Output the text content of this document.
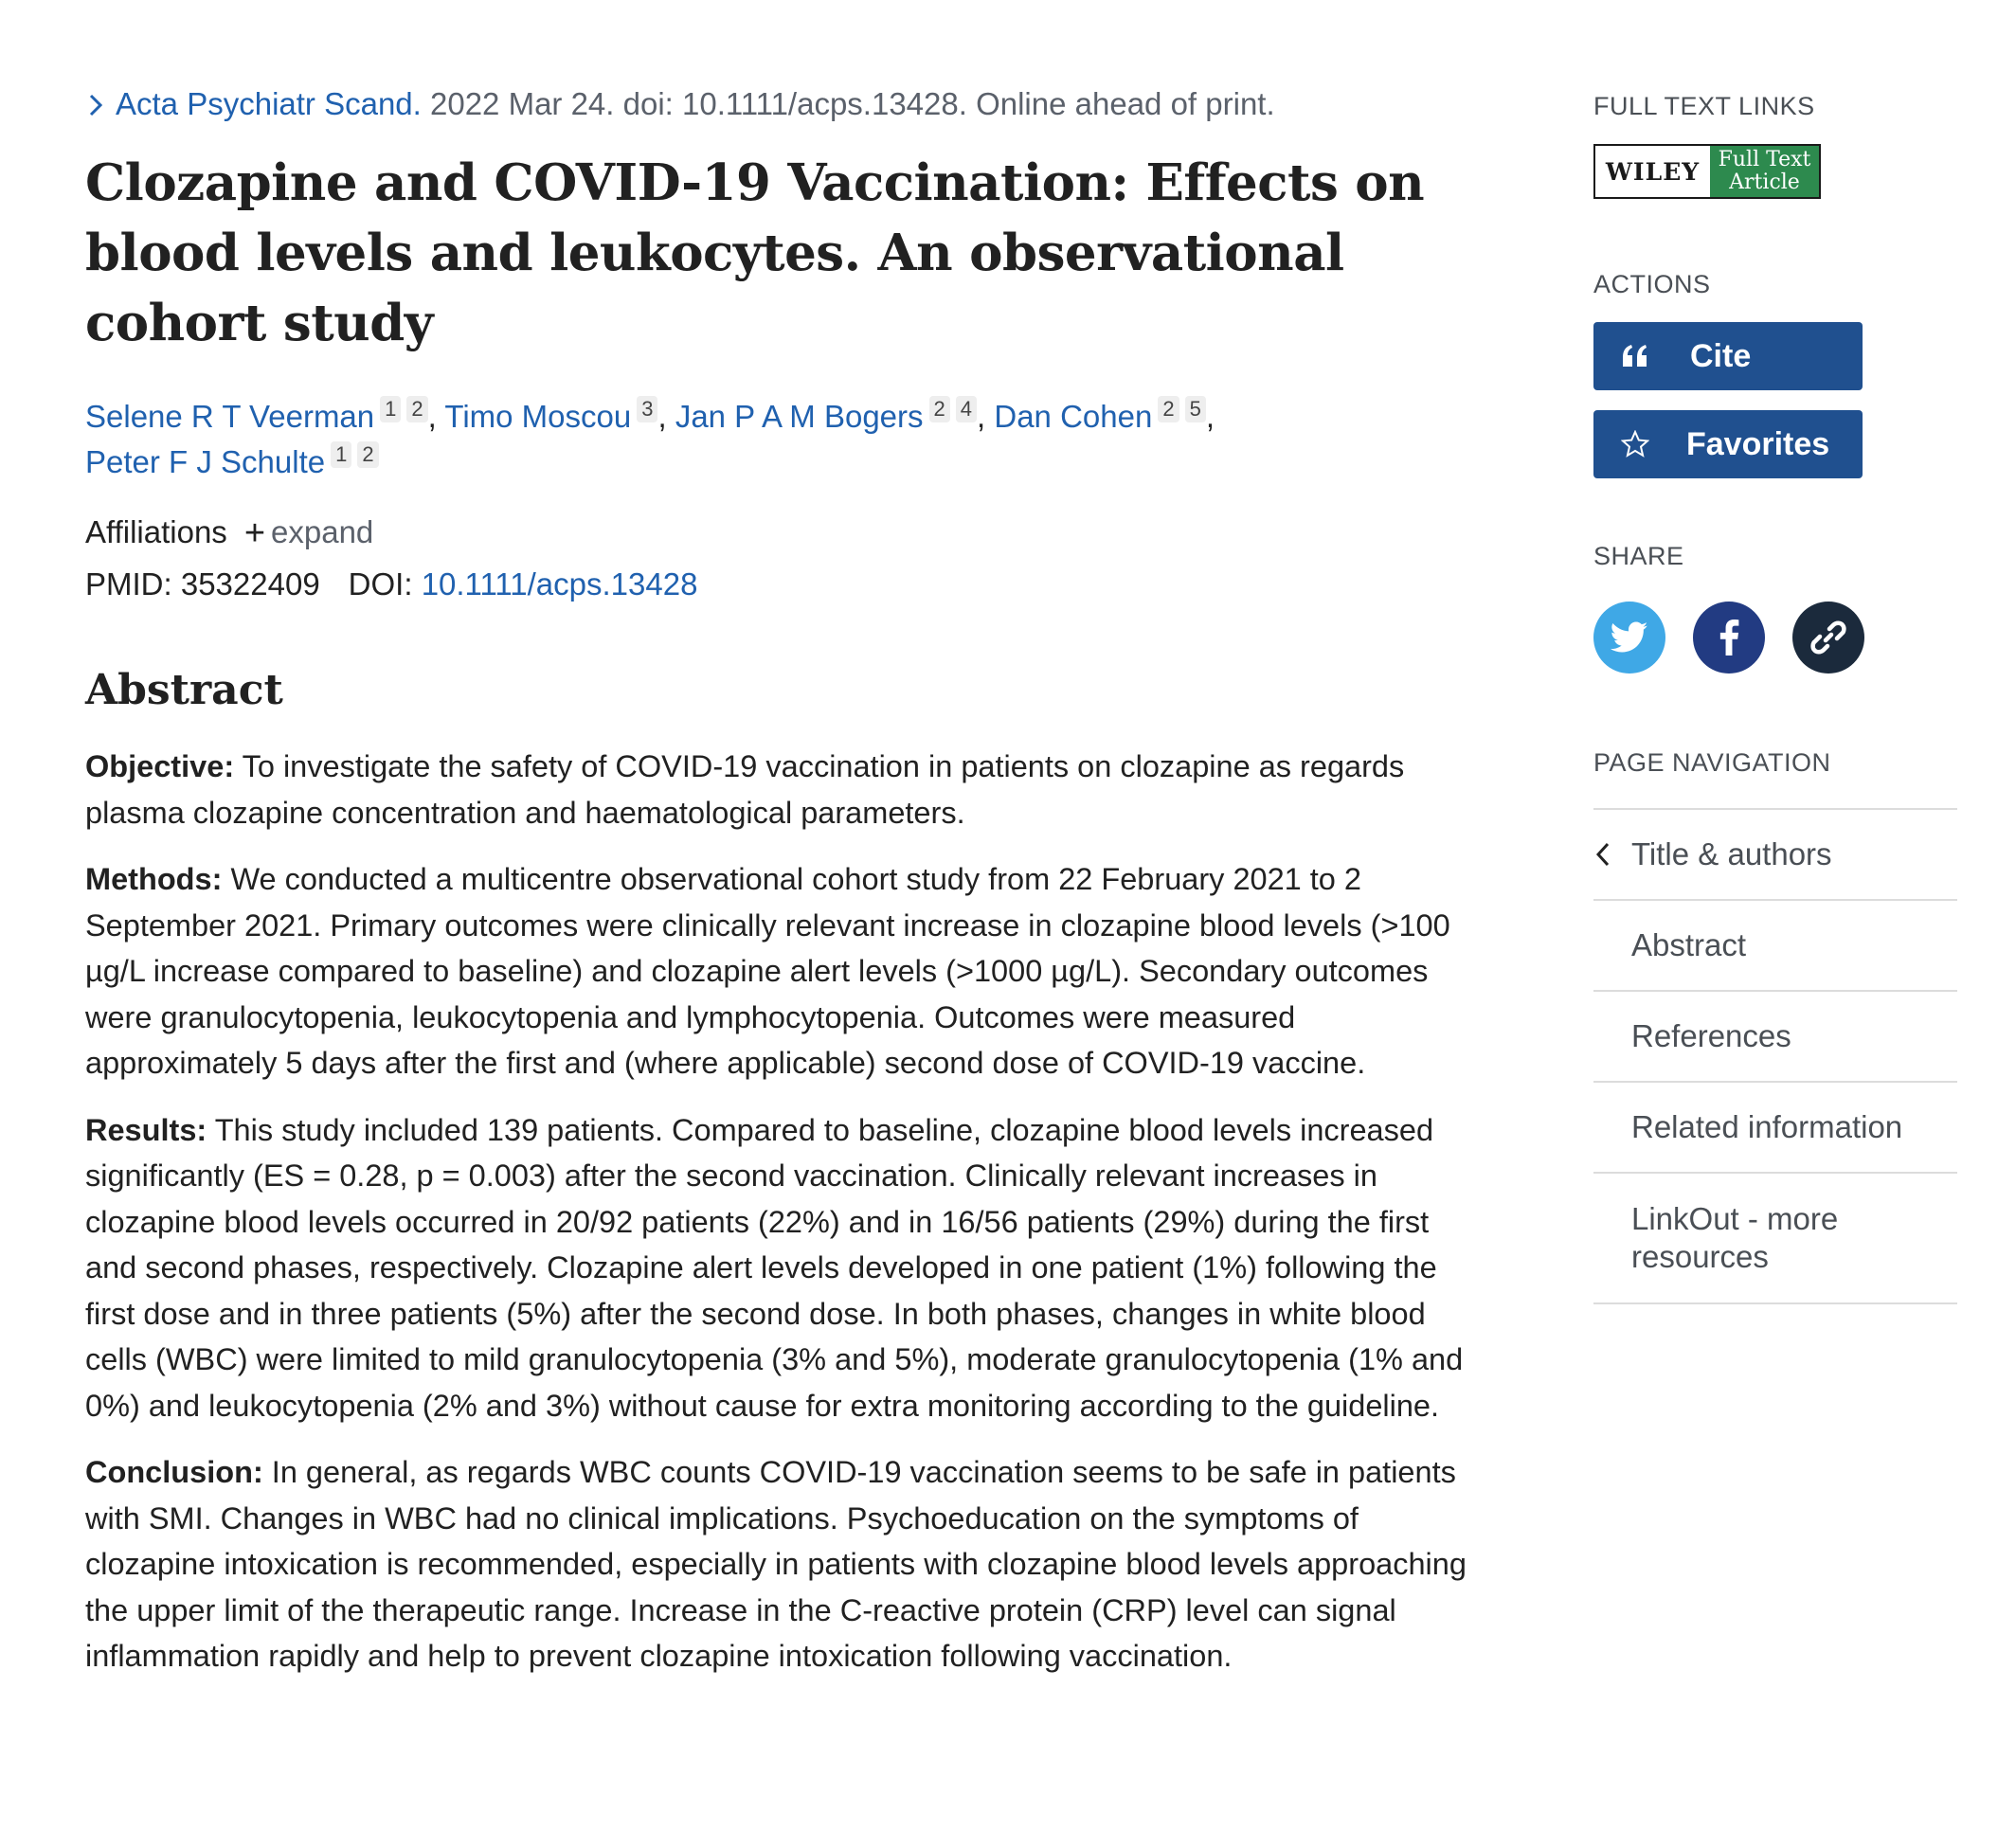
Acta Psychiatr Scand. 2022 Mar 24. doi: 10.1111/acps.13428. Online ahead of print.
Clozapine and COVID-19 Vaccination: Effects on blood levels and leukocytes. An observational cohort study
Selene R T Veerman 1 2 , Timo Moscou 3 , Jan P A M Bogers 2 4 , Dan Cohen 2 5 ,
Peter F J Schulte 1 2
Affiliations + expand
PMID: 35322409 DOI: 10.1111/acps.13428
Abstract

Objective: To investigate the safety of COVID-19 vaccination in patients on clozapine as regards plasma clozapine concentration and haematological parameters.

Methods: We conducted a multicentre observational cohort study from 22 February 2021 to 2 September 2021. Primary outcomes were clinically relevant increase in clozapine blood levels (>100 µg/L increase compared to baseline) and clozapine alert levels (>1000 µg/L). Secondary outcomes were granulocytopenia, leukocytopenia and lymphocytopenia. Outcomes were measured approximately 5 days after the first and (where applicable) second dose of COVID-19 vaccine.

Results: This study included 139 patients. Compared to baseline, clozapine blood levels increased significantly (ES = 0.28, p = 0.003) after the second vaccination. Clinically relevant increases in clozapine blood levels occurred in 20/92 patients (22%) and in 16/56 patients (29%) during the first and second phases, respectively. Clozapine alert levels developed in one patient (1%) following the first dose and in three patients (5%) after the second dose. In both phases, changes in white blood cells (WBC) were limited to mild granulocytopenia (3% and 5%), moderate granulocytopenia (1% and 0%) and leukocytopenia (2% and 3%) without cause for extra monitoring according to the guideline.

Conclusion: In general, as regards WBC counts COVID-19 vaccination seems to be safe in patients with SMI. Changes in WBC had no clinical implications. Psychoeducation on the symptoms of clozapine intoxication is recommended, especially in patients with clozapine blood levels approaching the upper limit of the therapeutic range. Increase in the C-reactive protein (CRP) level can signal inflammation rapidly and help to prevent clozapine intoxication following vaccination.

FULL TEXT LINKS
WILEY Full Text
Article
ACTIONS
Cite
Favorites
SHARE
PAGE NAVIGATION
Title & authors
Abstract
References
Related information
LinkOut - more resources
